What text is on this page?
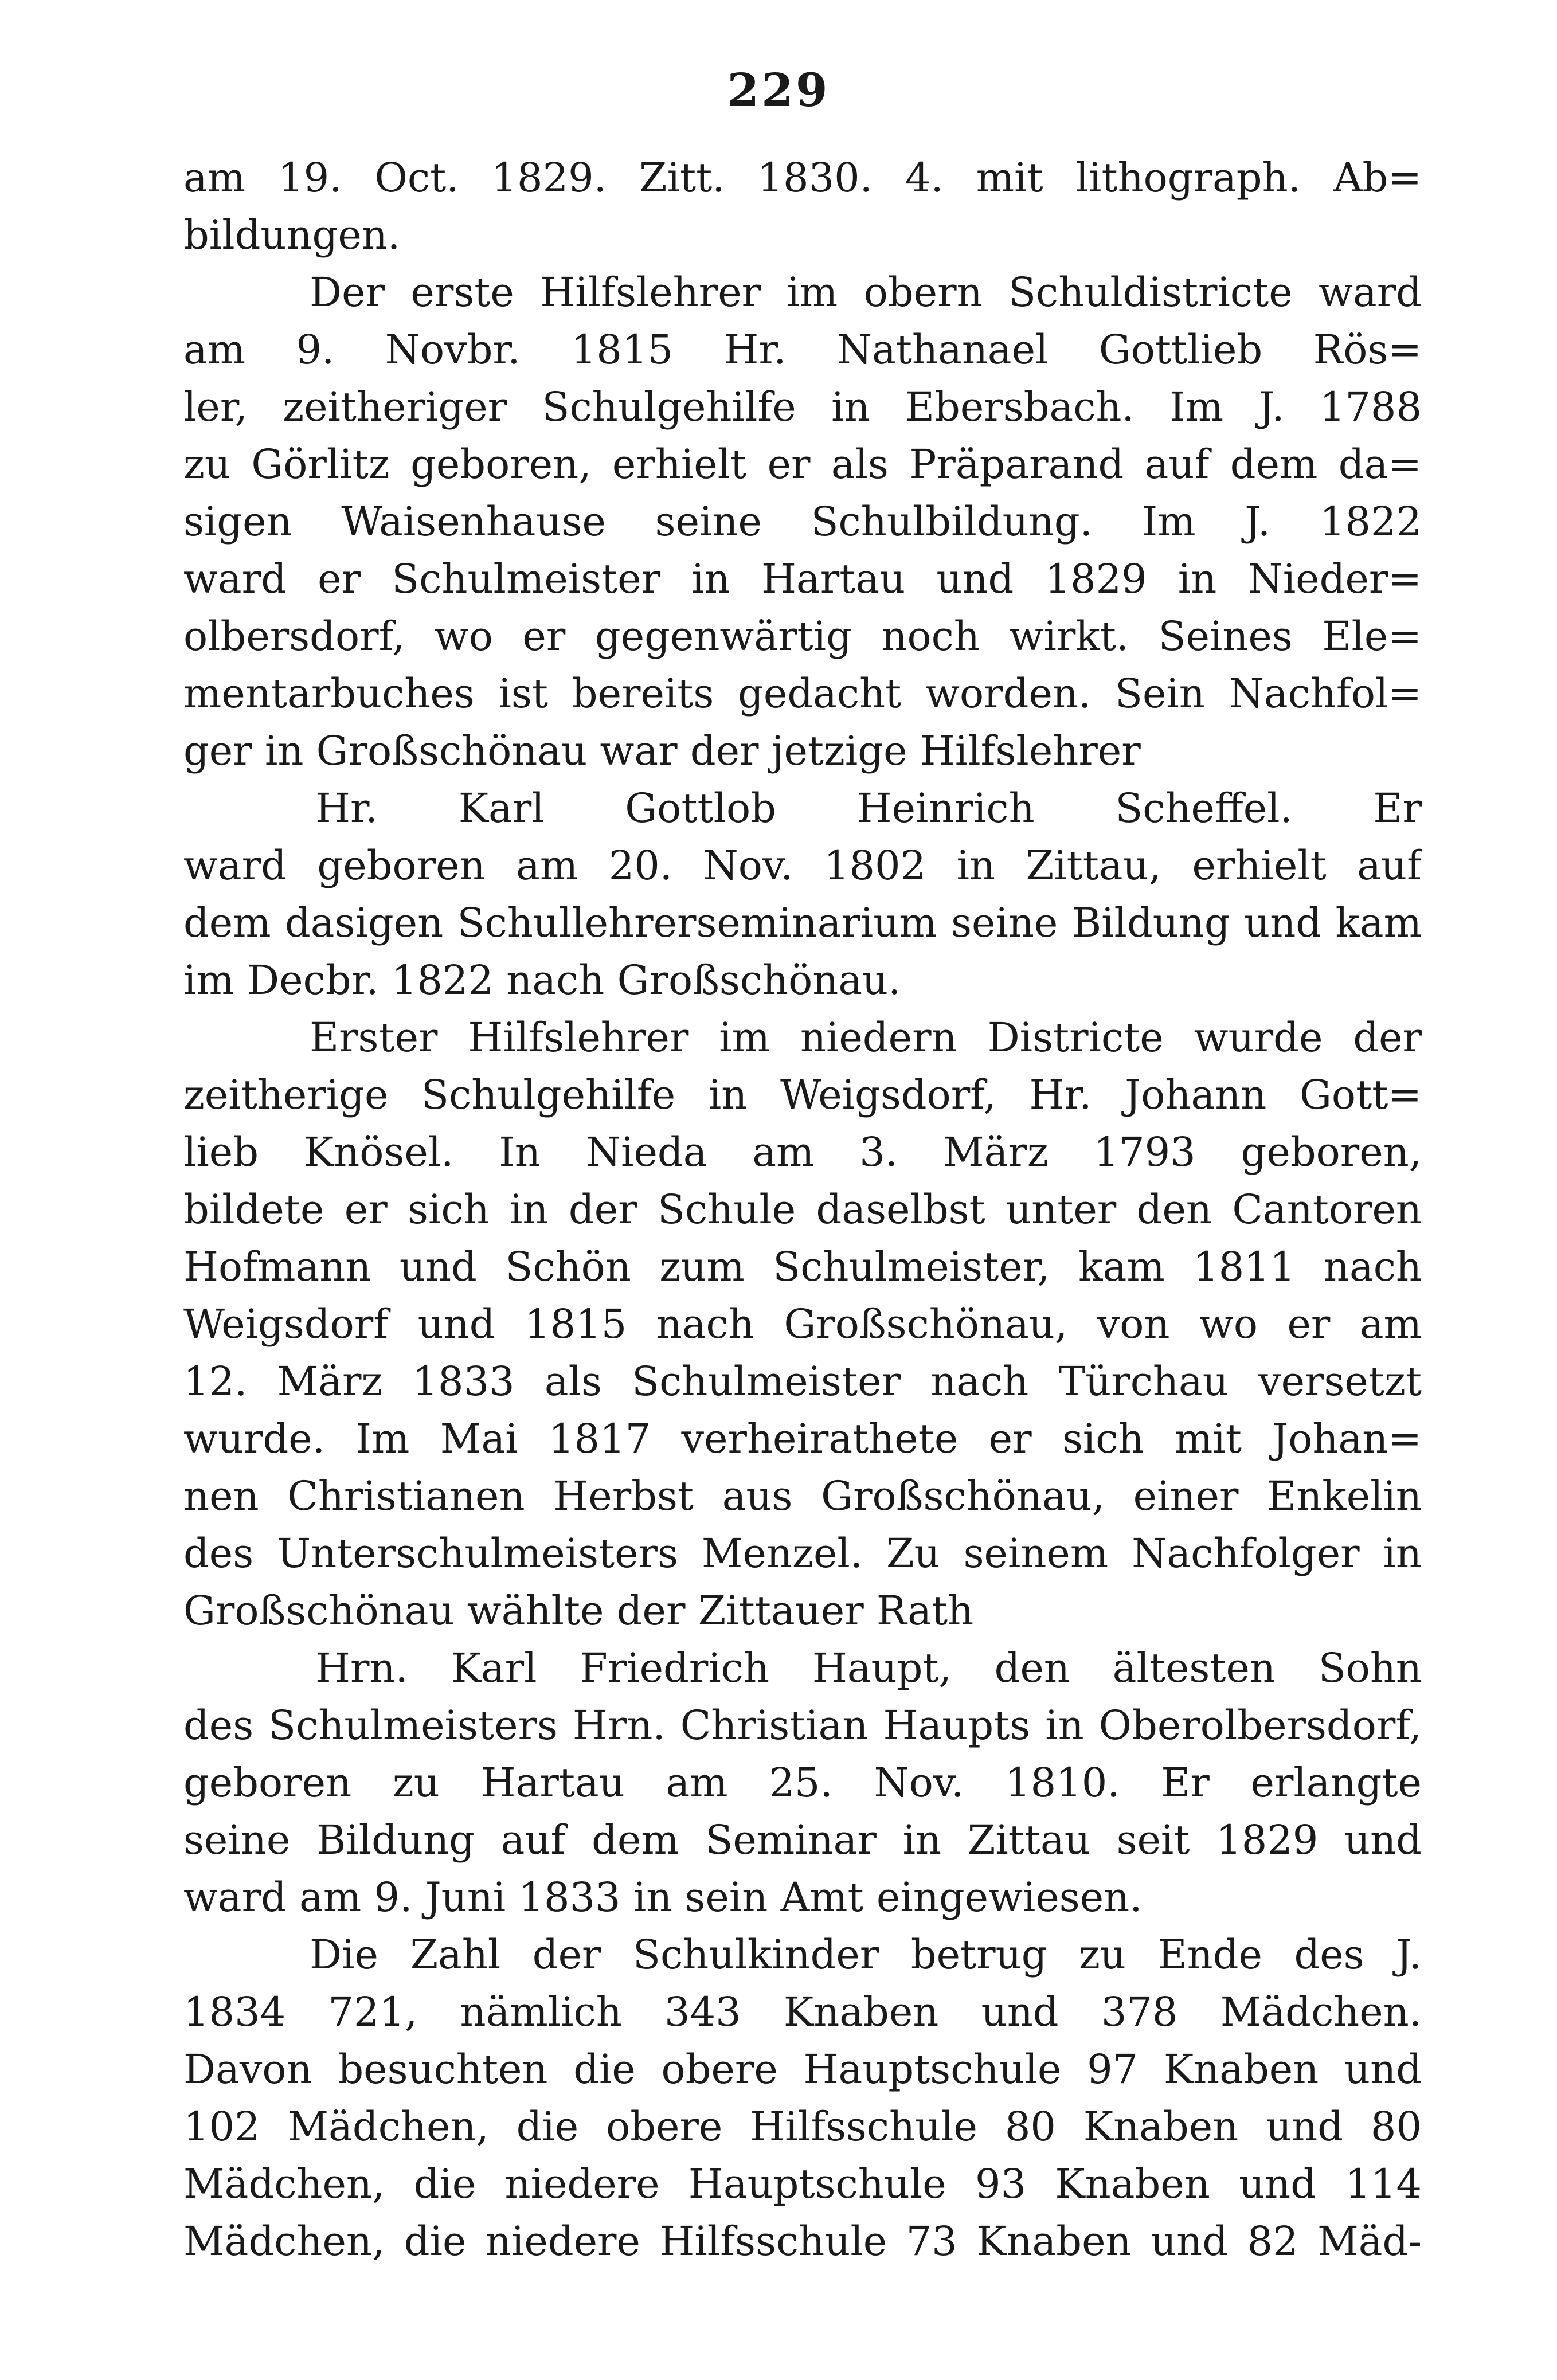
229
am 19. Oct. 1829. Zitt. 1830. 4. mit lithograph. Ab=
bildungen.
Der erste Hilfslehrer im obern Schuldistricte ward
am 9. Novbr. 1815 Hr. Nathanael Gottlieb Rös=
ler, zeitheriger Schulgehilfe in Ebersbach. Im J. 1788
zu Görlitz geboren, erhielt er als Präparand auf dem da=
sigen Waisenhause seine Schulbildung. Im J. 1822
ward er Schulmeister in Hartau und 1829 in Nieder=
olbersdorf, wo er gegenwärtig noch wirkt. Seines Ele=
mentarbuches ist bereits gedacht worden. Sein Nachfol=
ger in Großschönau war der jetzige Hilfslehrer
Hr. Karl Gottlob Heinrich Scheffel. Er
ward geboren am 20. Nov. 1802 in Zittau, erhielt auf
dem dasigen Schullehrerseminarium seine Bildung und kam
im Decbr. 1822 nach Großschönau.
Erster Hilfslehrer im niedern Districte wurde der
zeitherige Schulgehilfe in Weigsdorf, Hr. Johann Gott=
lieb Knösel. In Nieda am 3. März 1793 geboren,
bildete er sich in der Schule daselbst unter den Cantoren
Hofmann und Schön zum Schulmeister, kam 1811 nach
Weigsdorf und 1815 nach Großschönau, von wo er am
12. März 1833 als Schulmeister nach Türchau versetzt
wurde. Im Mai 1817 verheirathete er sich mit Johan=
nen Christianen Herbst aus Großschönau, einer Enkelin
des Unterschulmeisters Menzel. Zu seinem Nachfolger in
Großschönau wählte der Zittauer Rath
Hrn. Karl Friedrich Haupt, den ältesten Sohn
des Schulmeisters Hrn. Christian Haupts in Oberolbersdorf,
geboren zu Hartau am 25. Nov. 1810. Er erlangte
seine Bildung auf dem Seminar in Zittau seit 1829 und
ward am 9. Juni 1833 in sein Amt eingewiesen.
Die Zahl der Schulkinder betrug zu Ende des J.
1834 721, nämlich 343 Knaben und 378 Mädchen.
Davon besuchten die obere Hauptschule 97 Knaben und
102 Mädchen, die obere Hilfsschule 80 Knaben und 80
Mädchen, die niedere Hauptschule 93 Knaben und 114
Mädchen, die niedere Hilfsschule 73 Knaben und 82 Mäd-
